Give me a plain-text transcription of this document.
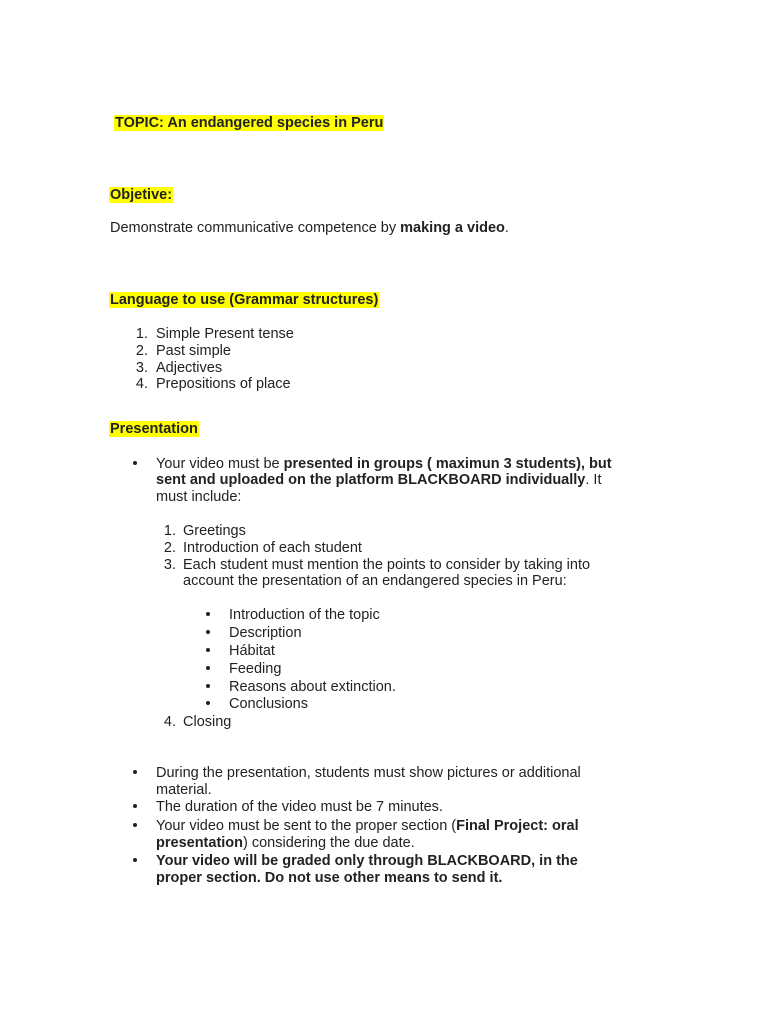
TOPIC: An endangered species in Peru
Objetive:
Demonstrate communicative competence by making a video.
Language to use (Grammar structures)
1. Simple Present tense
2. Past simple
3. Adjectives
4. Prepositions of place
Presentation
Your video must be presented in groups ( maximun 3 students), but
sent and uploaded on the platform BLACKBOARD individually. It
must include:
1. Greetings
2. Introduction of each student
3. Each student must mention the points to consider by taking into
account the presentation of an endangered species in Peru:
Introduction of the topic
Description
Hábitat
Feeding
Reasons about extinction.
Conclusions
4. Closing
During the presentation, students must show pictures or additional
material.
The duration of the video must be 7 minutes.
Your video must be sent to the proper section (Final Project: oral
presentation) considering the due date.
Your video will be graded only through BLACKBOARD, in the
proper section. Do not use other means to send it.
